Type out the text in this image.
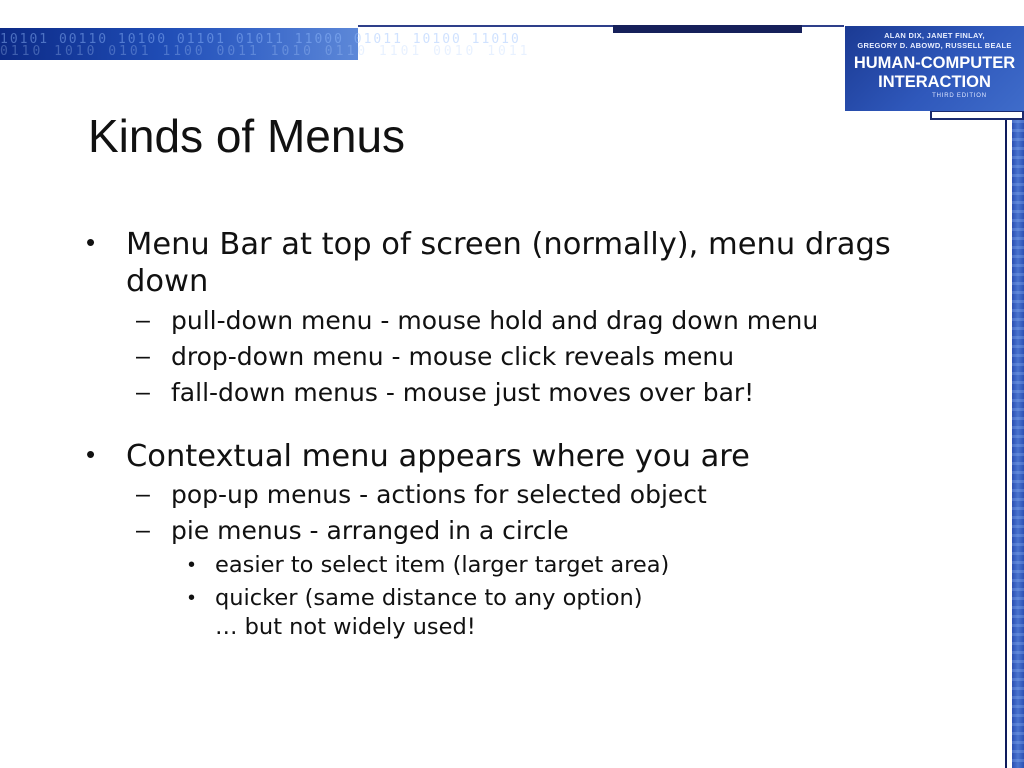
10101 00110 10100 01101 01011 11000 01011 10100 11010
0110 1010 0101 1100 0011 1010 0110 1101 0010 1011
ALAN DIX, JANET FINLAY,
GREGORY D. ABOWD, RUSSELL BEALE
HUMAN-COMPUTER
INTERACTION
THIRD EDITION
Kinds of Menus
• Menu Bar at top of screen (normally), menu drags
down
– pull-down menu - mouse hold and drag down menu
– drop-down menu - mouse click reveals menu
– fall-down menus - mouse just moves over bar!
• Contextual menu appears where you are
– pop-up menus - actions for selected object
– pie menus - arranged in a circle
• easier to select item (larger target area)
• quicker (same distance to any option)
… but not widely used!
